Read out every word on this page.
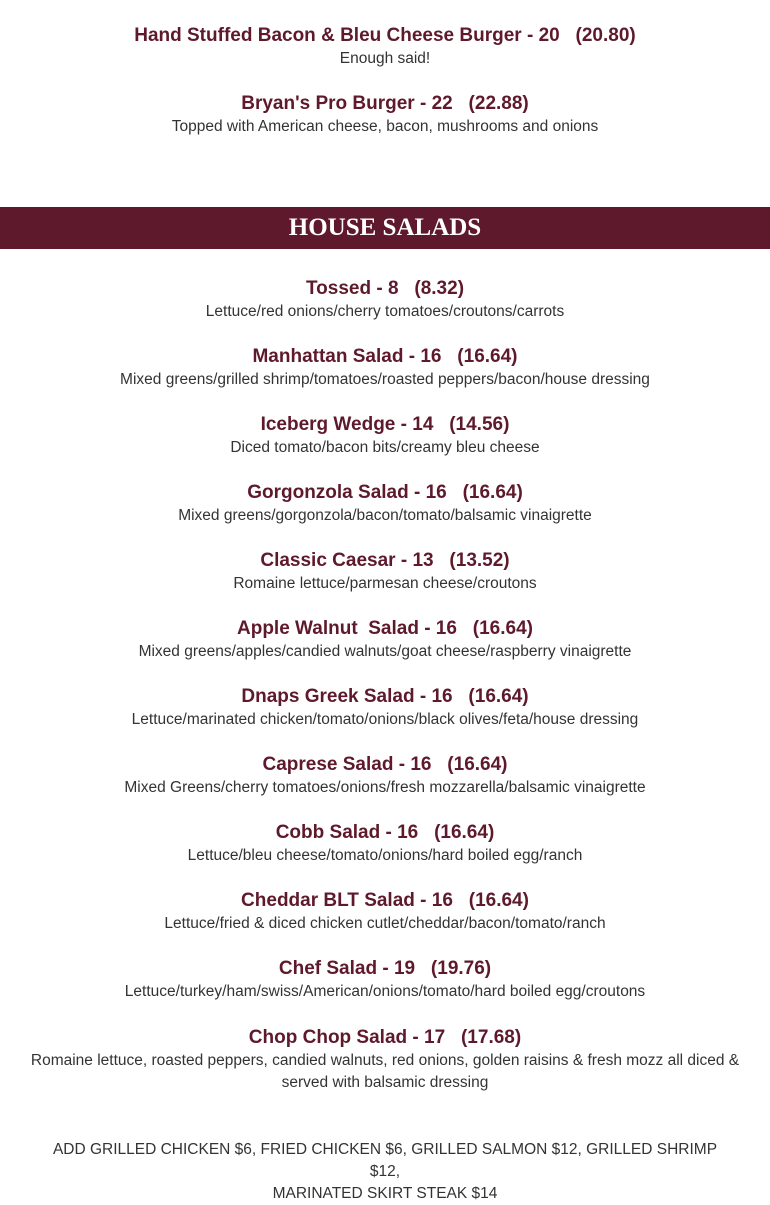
Hand Stuffed Bacon & Bleu Cheese Burger - 20   (20.80)
Enough said!
Bryan's Pro Burger - 22   (22.88)
Topped with American cheese, bacon, mushrooms and onions
HOUSE SALADS
Tossed - 8   (8.32)
Lettuce/red onions/cherry tomatoes/croutons/carrots
Manhattan Salad - 16   (16.64)
Mixed greens/grilled shrimp/tomatoes/roasted peppers/bacon/house dressing
Iceberg Wedge - 14   (14.56)
Diced tomato/bacon bits/creamy bleu cheese
Gorgonzola Salad - 16   (16.64)
Mixed greens/gorgonzola/bacon/tomato/balsamic vinaigrette
Classic Caesar - 13   (13.52)
Romaine lettuce/parmesan cheese/croutons
Apple Walnut  Salad - 16   (16.64)
Mixed greens/apples/candied walnuts/goat cheese/raspberry vinaigrette
Dnaps Greek Salad - 16   (16.64)
Lettuce/marinated chicken/tomato/onions/black olives/feta/house dressing
Caprese Salad - 16   (16.64)
Mixed Greens/cherry tomatoes/onions/fresh mozzarella/balsamic vinaigrette
Cobb Salad - 16   (16.64)
Lettuce/bleu cheese/tomato/onions/hard boiled egg/ranch
Cheddar BLT Salad - 16   (16.64)
Lettuce/fried & diced chicken cutlet/cheddar/bacon/tomato/ranch
Chef Salad - 19   (19.76)
Lettuce/turkey/ham/swiss/American/onions/tomato/hard boiled egg/croutons
Chop Chop Salad - 17   (17.68)
Romaine lettuce, roasted peppers, candied walnuts, red onions, golden raisins & fresh mozz all diced &
served with balsamic dressing
ADD GRILLED CHICKEN $6, FRIED CHICKEN $6, GRILLED SALMON $12, GRILLED SHRIMP $12,
MARINATED SKIRT STEAK $14
